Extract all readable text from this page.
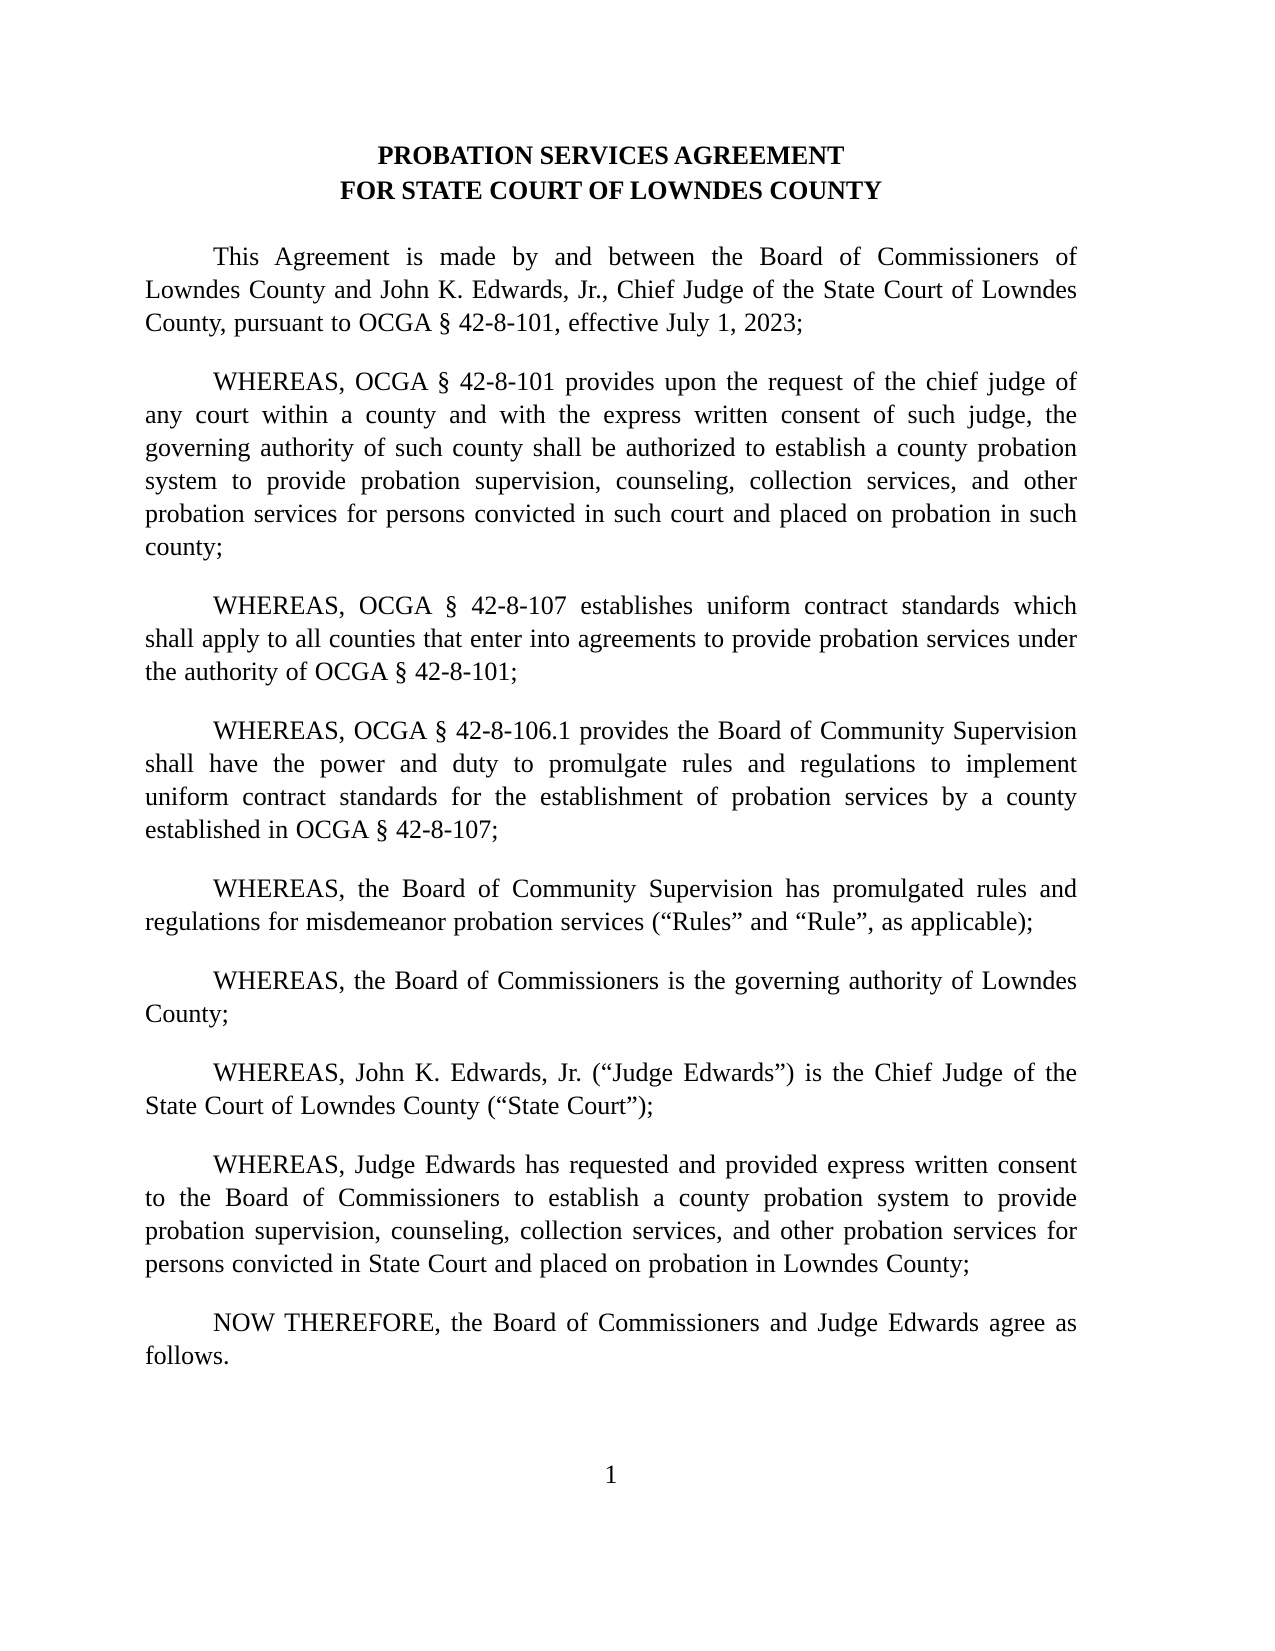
PROBATION SERVICES AGREEMENT
FOR STATE COURT OF LOWNDES COUNTY

This Agreement is made by and between the Board of Commissioners of Lowndes County and John K. Edwards, Jr., Chief Judge of the State Court of Lowndes County, pursuant to OCGA § 42-8-101, effective July 1, 2023;

WHEREAS, OCGA § 42-8-101 provides upon the request of the chief judge of any court within a county and with the express written consent of such judge, the governing authority of such county shall be authorized to establish a county probation system to provide probation supervision, counseling, collection services, and other probation services for persons convicted in such court and placed on probation in such county;

WHEREAS, OCGA § 42-8-107 establishes uniform contract standards which shall apply to all counties that enter into agreements to provide probation services under the authority of OCGA § 42-8-101;

WHEREAS, OCGA § 42-8-106.1 provides the Board of Community Supervision shall have the power and duty to promulgate rules and regulations to implement uniform contract standards for the establishment of probation services by a county established in OCGA § 42-8-107;

WHEREAS, the Board of Community Supervision has promulgated rules and regulations for misdemeanor probation services (“Rules” and “Rule”, as applicable);

WHEREAS, the Board of Commissioners is the governing authority of Lowndes County;

WHEREAS, John K. Edwards, Jr. (“Judge Edwards”) is the Chief Judge of the State Court of Lowndes County (“State Court”);

WHEREAS, Judge Edwards has requested and provided express written consent to the Board of Commissioners to establish a county probation system to provide probation supervision, counseling, collection services, and other probation services for persons convicted in State Court and placed on probation in Lowndes County;

NOW THEREFORE, the Board of Commissioners and Judge Edwards agree as follows.

1
